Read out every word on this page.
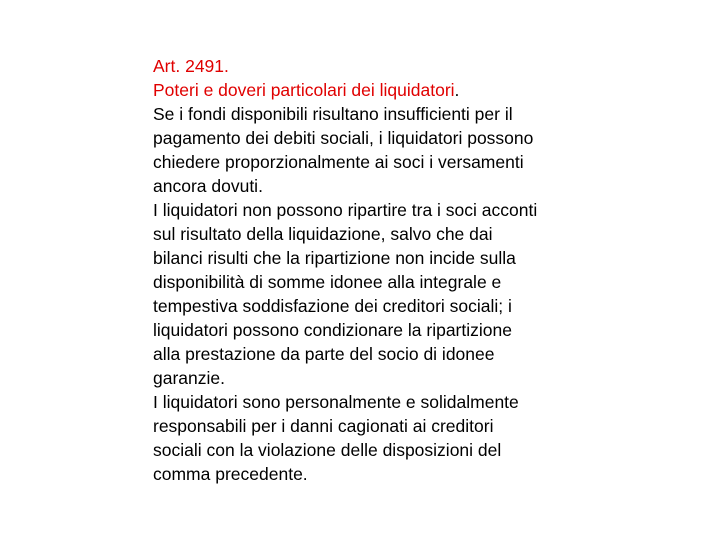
Art. 2491.
Poteri e doveri particolari dei liquidatori.
Se i fondi disponibili risultano insufficienti per il
pagamento dei debiti sociali, i liquidatori possono
chiedere proporzionalmente ai soci i versamenti
ancora dovuti.
I liquidatori non possono ripartire tra i soci acconti
sul risultato della liquidazione, salvo che dai
bilanci risulti che la ripartizione non incide sulla
disponibilità di somme idonee alla integrale e
tempestiva soddisfazione dei creditori sociali; i
liquidatori possono condizionare la ripartizione
alla prestazione da parte del socio di idonee
garanzie.
I liquidatori sono personalmente e solidalmente
responsabili per i danni cagionati ai creditori
sociali con la violazione delle disposizioni del
comma precedente.
